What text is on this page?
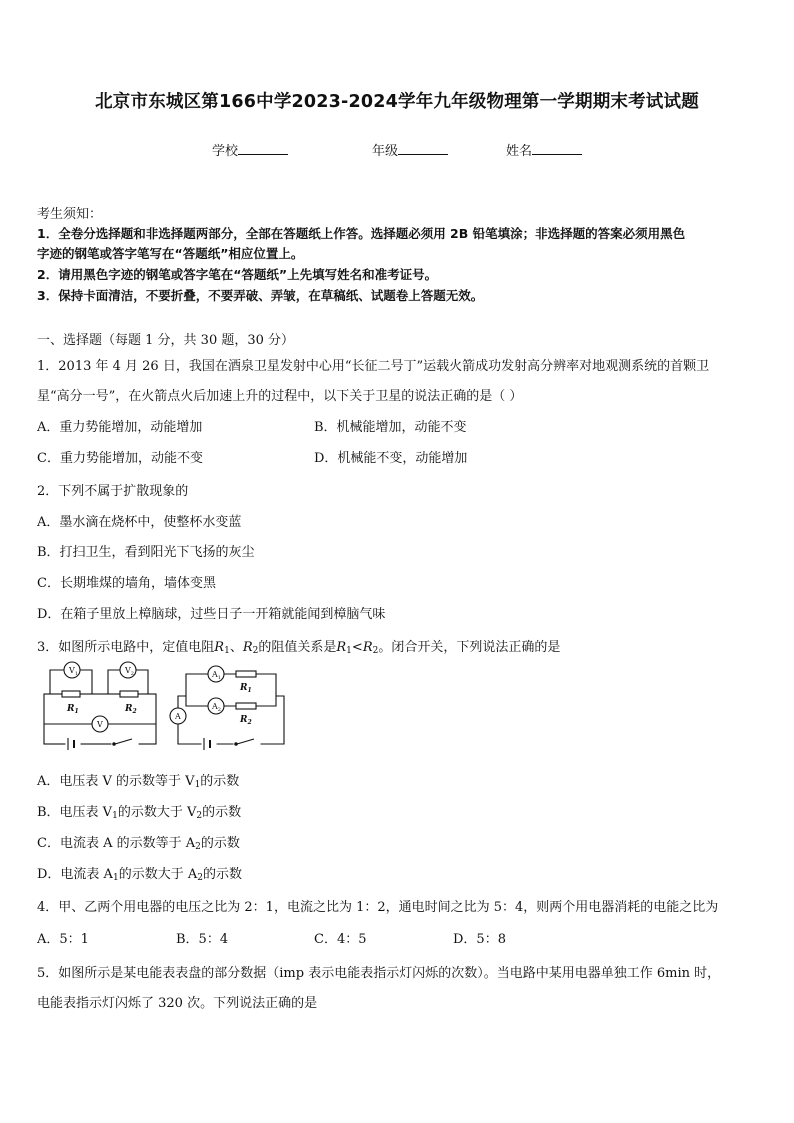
北京市东城区第166中学2023-2024学年九年级物理第一学期期末考试试题
学校	年级	姓名
考生须知：
1．全卷分选择题和非选择题两部分，全部在答题纸上作答。选择题必须用 2B 铅笔填涂；非选择题的答案必须用黑色
字迹的钢笔或答字笔写在“答题纸”相应位置上。
2．请用黑色字迹的钢笔或答字笔在“答题纸”上先填写姓名和准考证号。
3．保持卡面清洁，不要折叠，不要弄破、弄皱，在草稿纸、试题卷上答题无效。
一、选择题（每题 1 分，共 30 题，30 分）
1．2013 年 4 月 26 日，我国在酒泉卫星发射中心用“长征二号丁”运载火箭成功发射高分辨率对地观测系统的首颗卫
星“高分一号”，在火箭点火后加速上升的过程中，以下关于卫星的说法正确的是（ ）
A．重力势能增加，动能增加	B．机械能增加，动能不变
C．重力势能增加，动能不变	D．机械能不变，动能增加
2．下列不属于扩散现象的
A．墨水滴在烧杯中，使整杯水变蓝
B．打扫卫生，看到阳光下飞扬的灰尘
C．长期堆煤的墙角，墙体变黑
D．在箱子里放上樟脑球，过些日子一开箱就能闻到樟脑气味
3．如图所示电路中，定值电阻$R_1$、$R_2$的阻值关系是$R_1<R_2$。闭合开关，下列说法正确的是
$V_1$	$V_2$
V
$R_1$	$R_2$
A
$A_1$
$A_2$
$R_1$
$R_2$
A．电压表 V 的示数等于 $V_1$的示数
B．电压表 $V_1$的示数大于 $V_2$的示数
C．电流表 A 的示数等于 $A_2$的示数
D．电流表 $A_1$的示数大于 $A_2$的示数
4．甲、乙两个用电器的电压之比为 2：1，电流之比为 1：2，通电时间之比为 5：4，则两个用电器消耗的电能之比为
A．5：1	B．5：4	C．4：5	D．5：8
5．如图所示是某电能表表盘的部分数据（imp 表示电能表指示灯闪烁的次数）。当电路中某用电器单独工作 6min 时，
电能表指示灯闪烁了 320 次。下列说法正确的是
